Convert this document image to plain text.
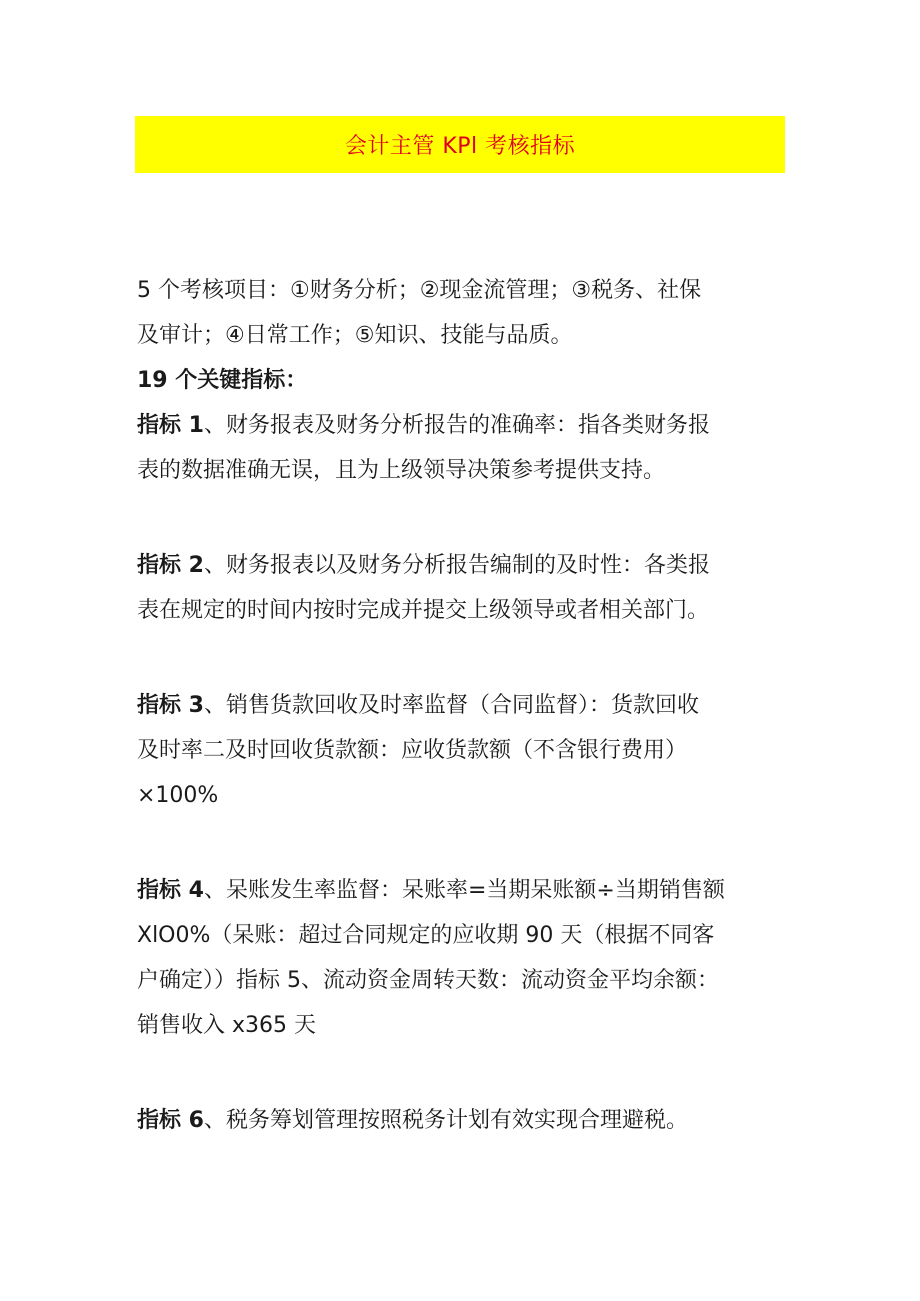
会计主管 KPl 考核指标

5 个考核项目：①财务分析；②现金流管理；③税务、社保
及审计；④日常工作；⑤知识、技能与品质。

19 个关键指标：

指标 1、财务报表及财务分析报告的准确率：指各类财务报
表的数据准确无误，且为上级领导决策参考提供支持。

指标 2、财务报表以及财务分析报告编制的及时性：各类报
表在规定的时间内按时完成并提交上级领导或者相关部门。

指标 3、销售货款回收及时率监督（合同监督）：货款回收
及时率二及时回收货款额：应收货款额（不含银行费用）
×100%

指标 4、呆账发生率监督：呆账率=当期呆账额÷当期销售额
XlO0%（呆账：超过合同规定的应收期 90 天（根据不同客
户确定））指标 5、流动资金周转天数：流动资金平均余额：
销售收入 x365 天

指标 6、税务筹划管理按照税务计划有效实现合理避税。
